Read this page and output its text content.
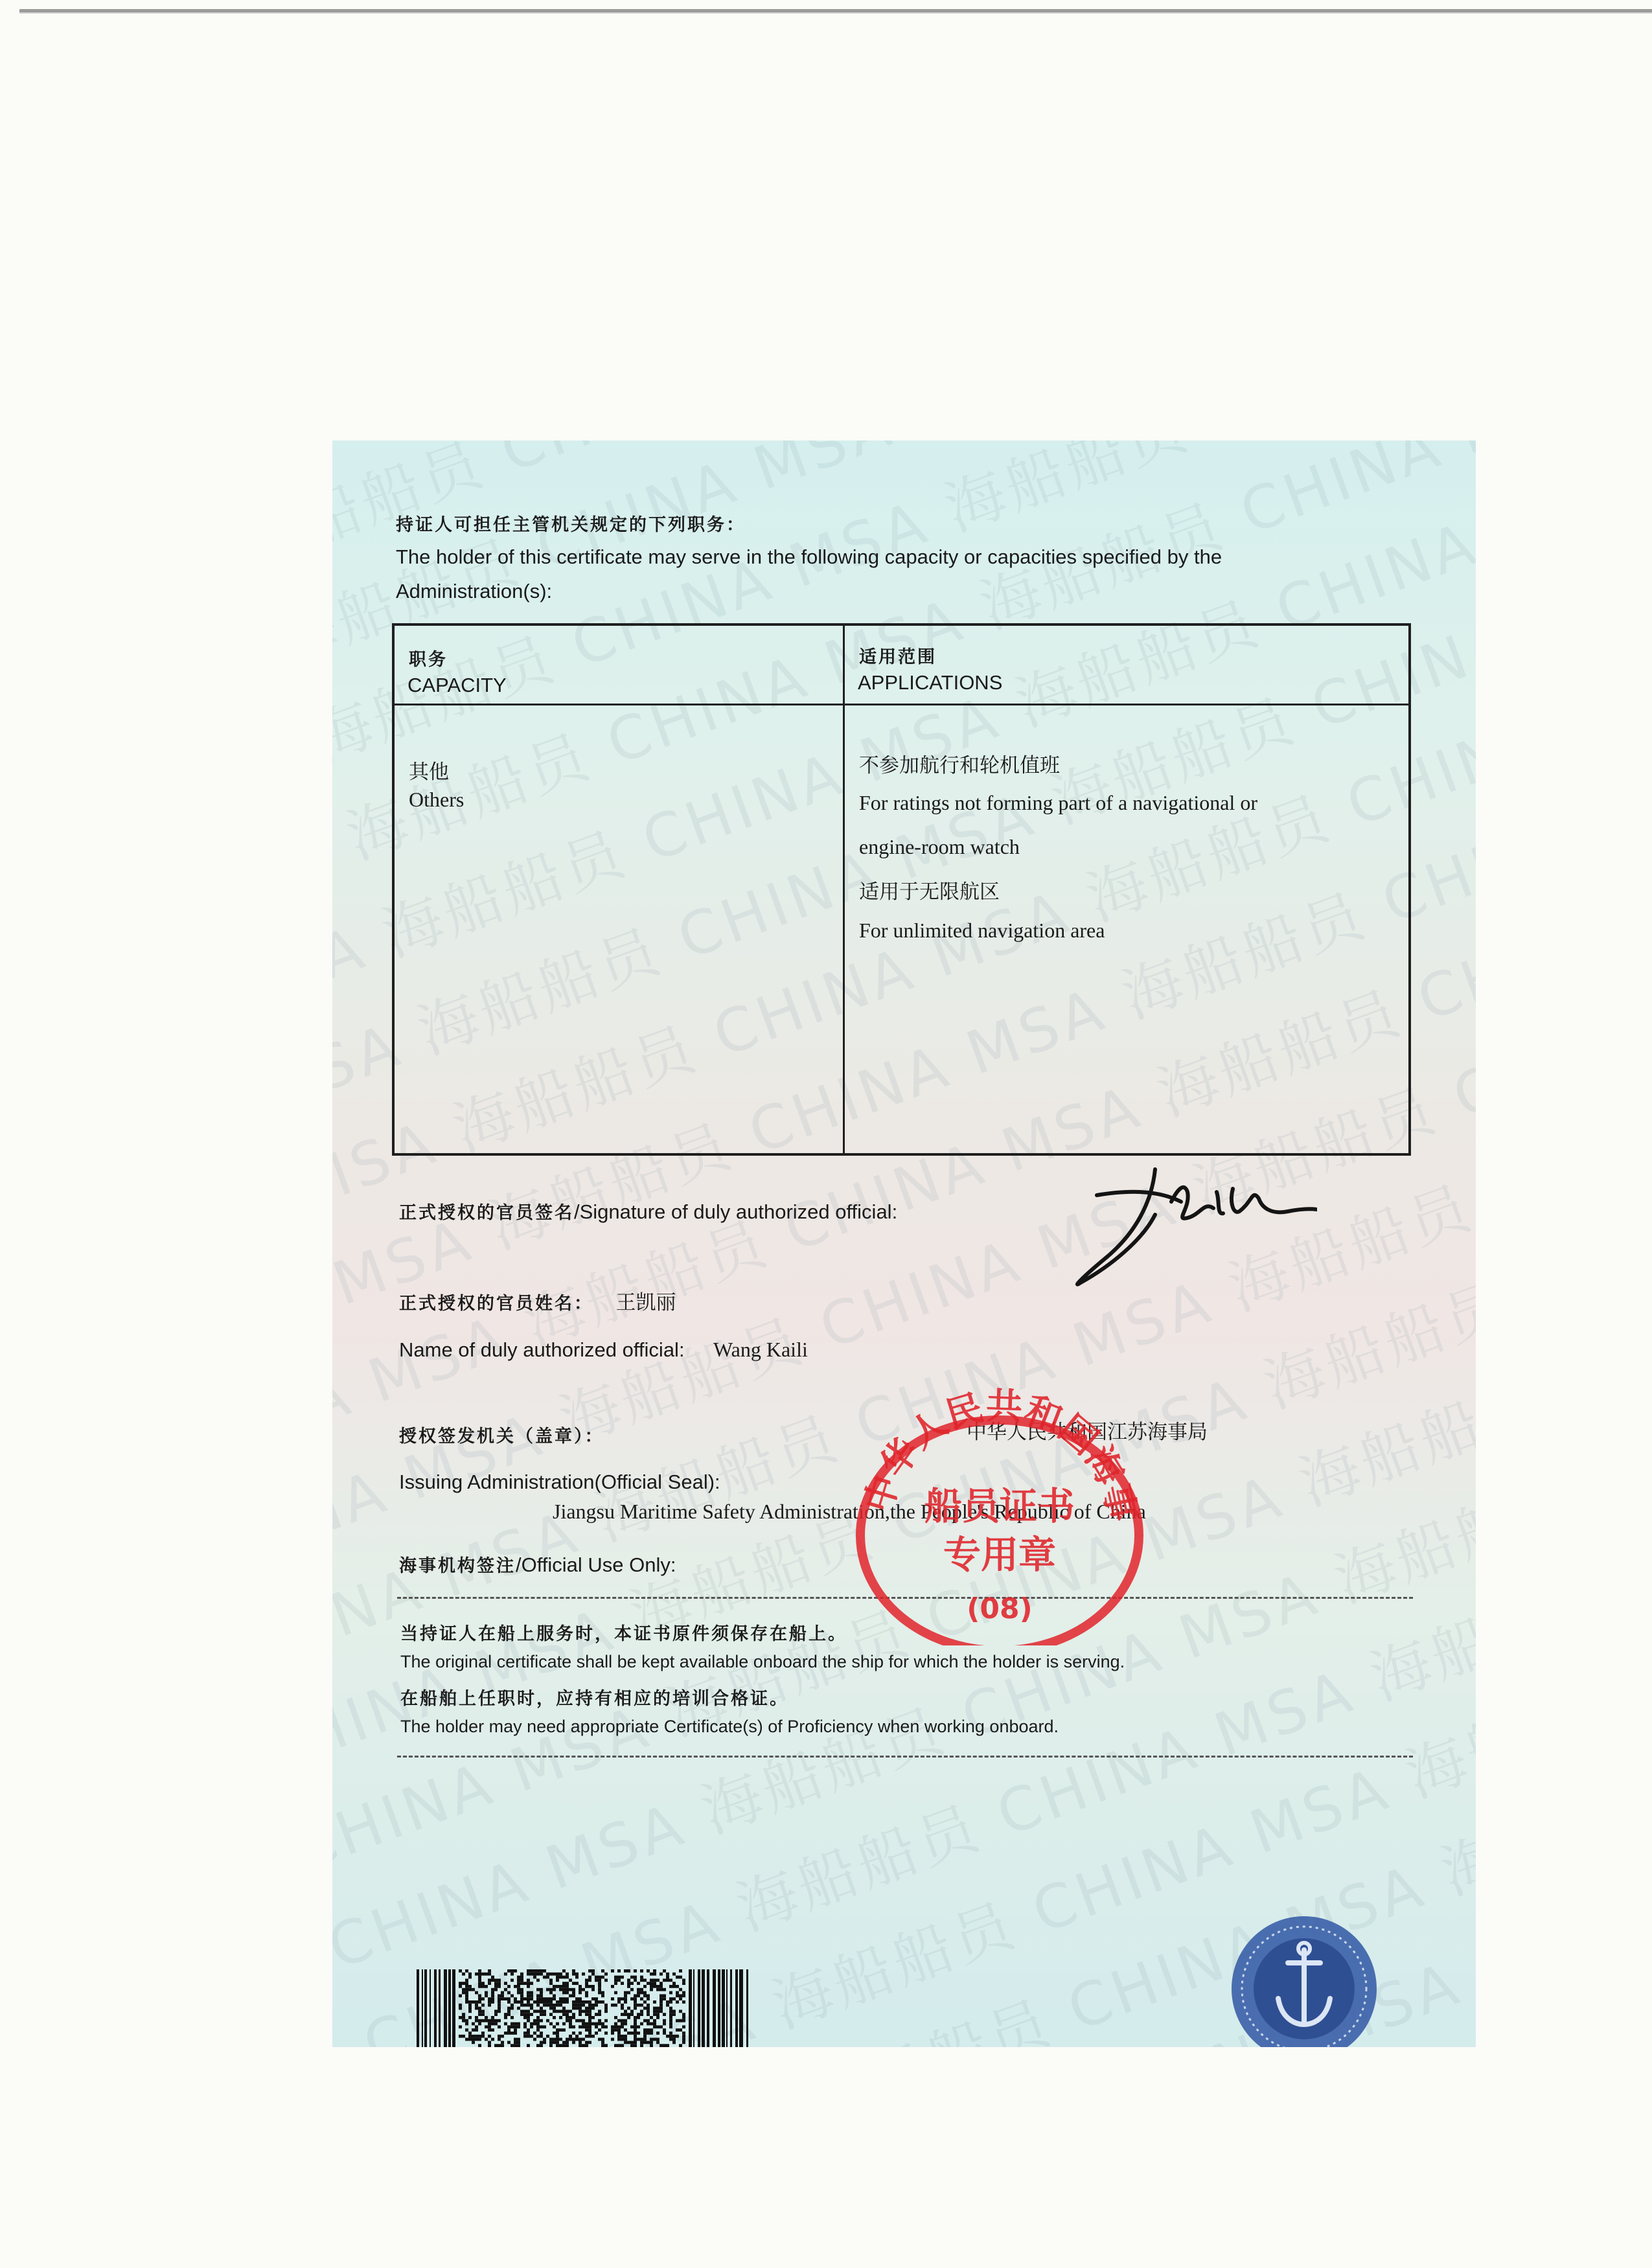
MSA 海船船员 CHINA MSA 海船船员 CHINA
CHINA MSA 海船船员 CHINA MSA 海船船员 CHINA
CHINA MSA 海船船员 CHINA MSA 海船船员 CHINA
CHINA MSA 海船船员 CHINA MSA 海船船员
CHINA MSA 海船船员 CHINA MSA 海船船员
CHINA MSA 海船船员 CHINA MSA 海船船员
CHINA MSA 海船船员 CHINA MSA 海船船员
CHINA MSA 海船船员 CHINA MSA 海船船员
MSA 海船船员 CHINA MSA 海船船员
CHINA MSA 海船船员
MSA 海船船员
持证人可担任主管机关规定的下列职务：
The holder of this certificate may serve in the following capacity or capacities specified by the
Administration(s):
职务
CAPACITY
适用范围
APPLICATIONS
其他
Others
不参加航行和轮机值班
For ratings not forming part of a navigational or
engine-room watch
适用于无限航区
For unlimited navigation area
正式授权的官员签名/Signature of duly authorized official:
正式授权的官员姓名： 王凯丽
Name of duly authorized official: Wang Kaili
授权签发机关（盖章）：	中华人民共和国江苏海事局
Issuing Administration(Official Seal):
Jiangsu Maritime Safety Administration,the People's Republic of China
海事机构签注/Official Use Only:
当持证人在船上服务时，本证书原件须保存在船上。
The original certificate shall be kept available onboard the ship for which the holder is serving.
在船舶上任职时，应持有相应的培训合格证。
The holder may need appropriate Certificate(s) of Proficiency when working onboard.
中华人民共和国海事
船员证书
专用章
(08)
